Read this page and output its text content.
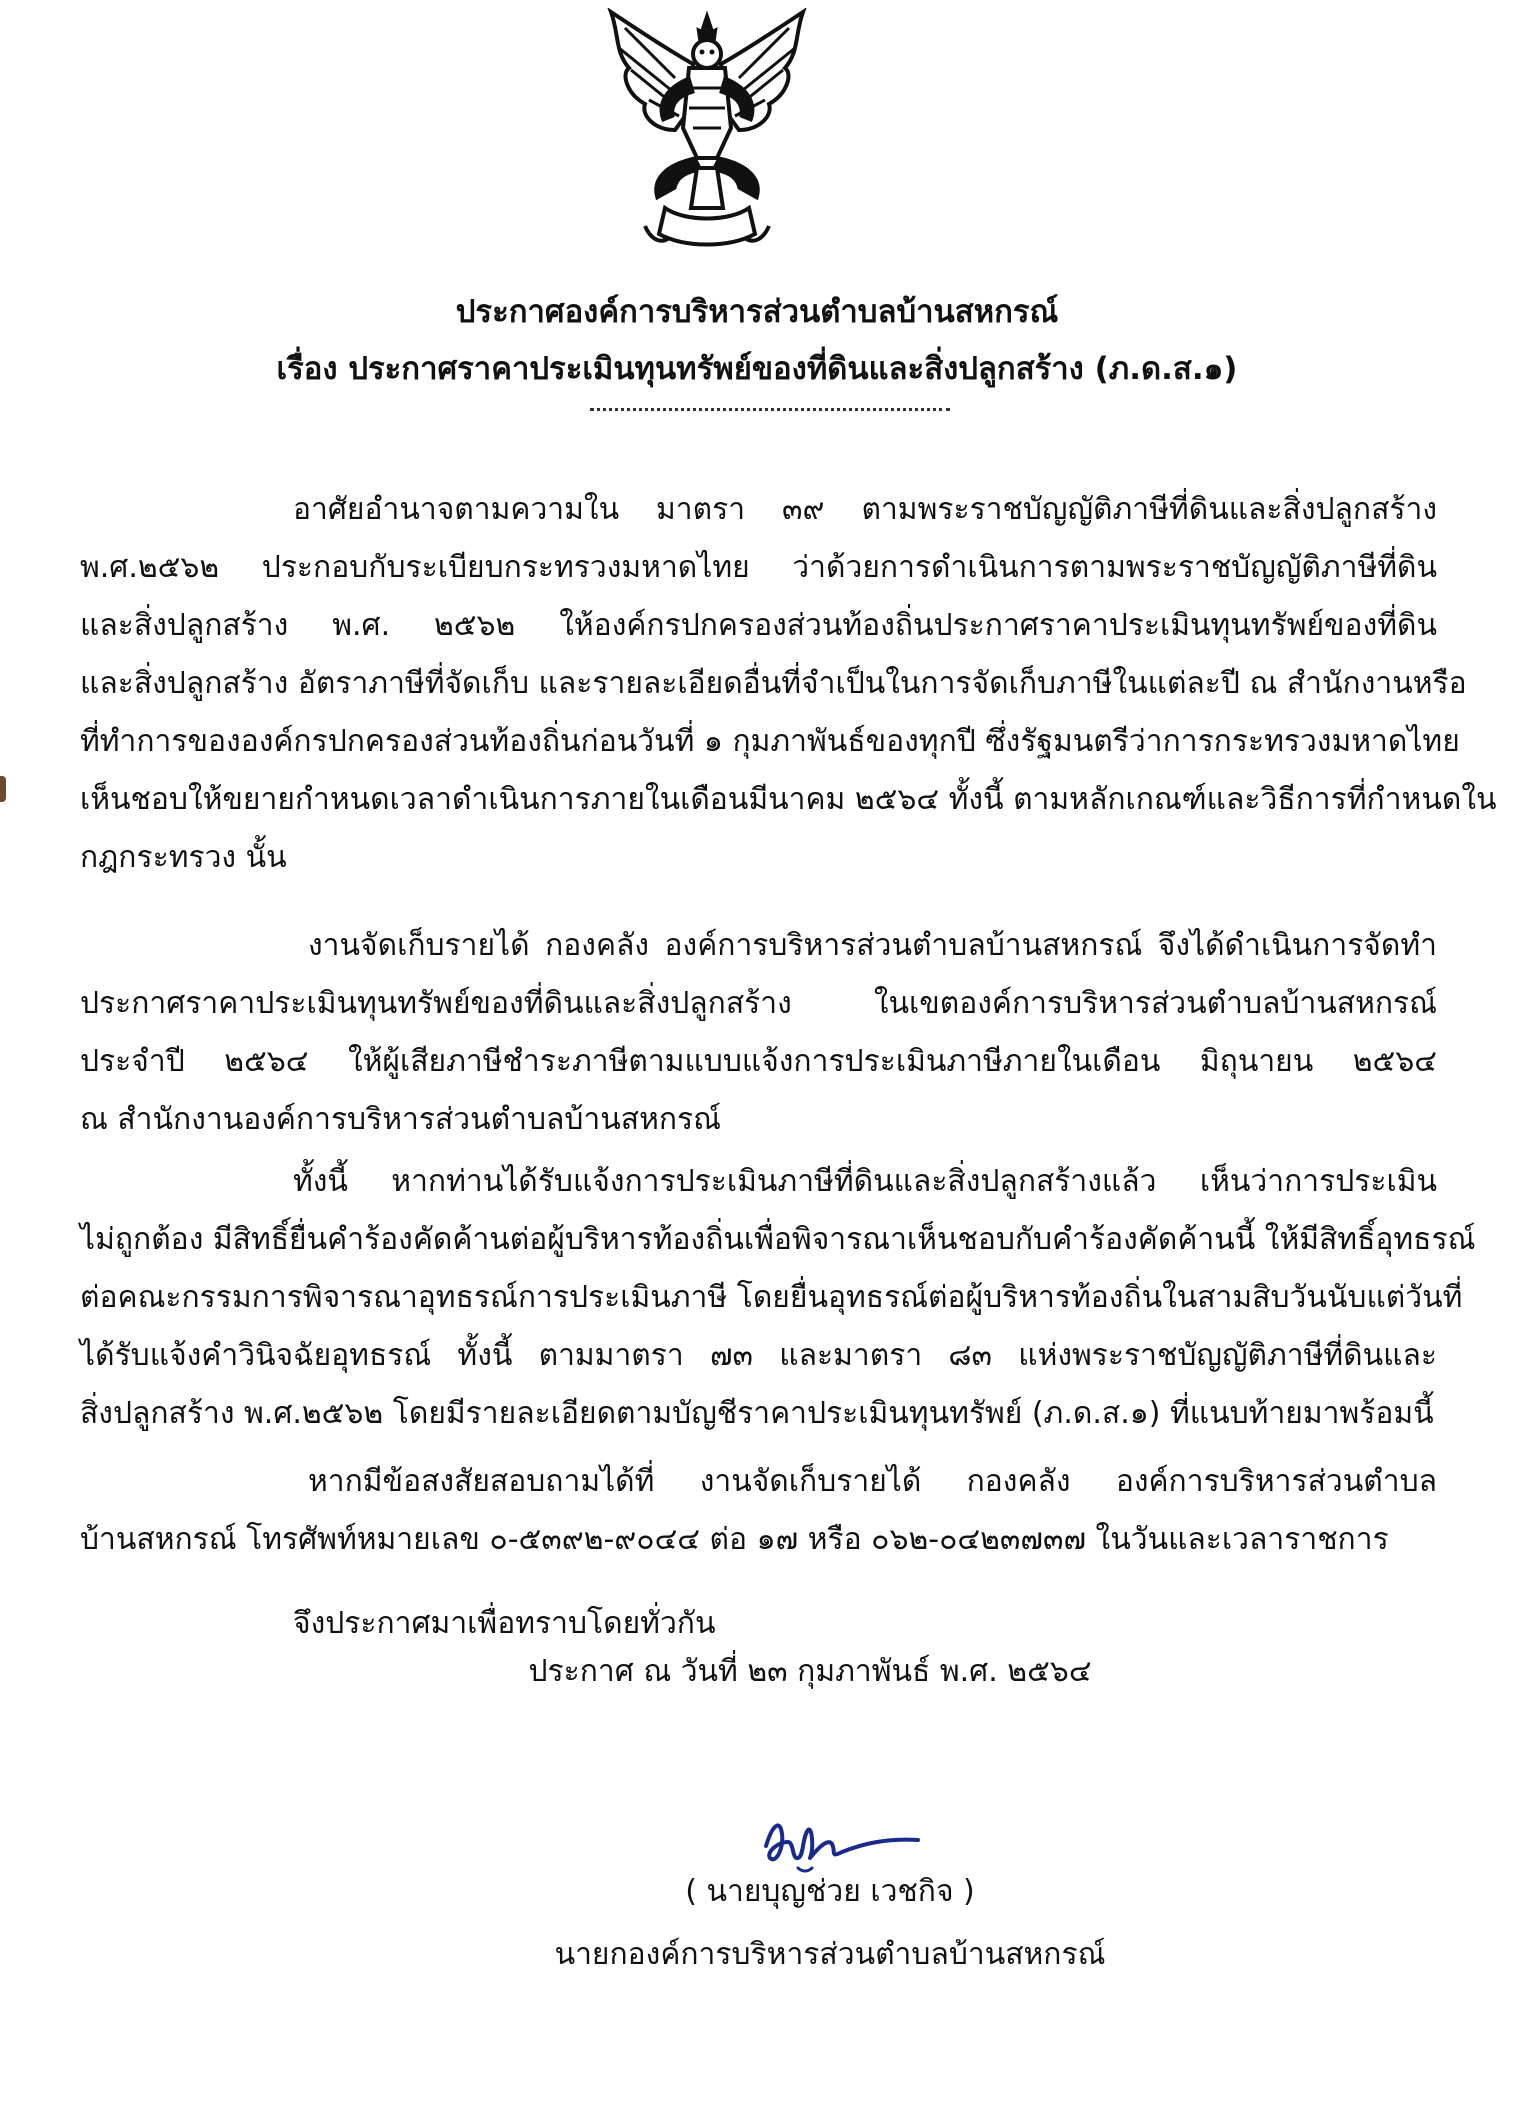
ประกาศองค์การบริหารส่วนตำบลบ้านสหกรณ์
เรื่อง ประกาศราคาประเมินทุนทรัพย์ของที่ดินและสิ่งปลูกสร้าง (ภ.ด.ส.๑)
อาศัยอำนาจตามความใน มาตรา ๓๙ ตามพระราชบัญญัติภาษีที่ดินและสิ่งปลูกสร้าง
พ.ศ.๒๕๖๒ ประกอบกับระเบียบกระทรวงมหาดไทย ว่าด้วยการดำเนินการตามพระราชบัญญัติภาษีที่ดิน
และสิ่งปลูกสร้าง พ.ศ. ๒๕๖๒ ให้องค์กรปกครองส่วนท้องถิ่นประกาศราคาประเมินทุนทรัพย์ของที่ดิน
และสิ่งปลูกสร้าง อัตราภาษีที่จัดเก็บ และรายละเอียดอื่นที่จำเป็นในการจัดเก็บภาษีในแต่ละปี ณ สำนักงานหรือ
ที่ทำการขององค์กรปกครองส่วนท้องถิ่นก่อนวันที่ ๑ กุมภาพันธ์ของทุกปี ซึ่งรัฐมนตรีว่าการกระทรวงมหาดไทย
เห็นชอบให้ขยายกำหนดเวลาดำเนินการภายในเดือนมีนาคม ๒๕๖๔ ทั้งนี้ ตามหลักเกณฑ์และวิธีการที่กำหนดใน
กฎกระทรวง นั้น
งานจัดเก็บรายได้ กองคลัง องค์การบริหารส่วนตำบลบ้านสหกรณ์ จึงได้ดำเนินการจัดทำ
ประกาศราคาประเมินทุนทรัพย์ของที่ดินและสิ่งปลูกสร้าง ในเขตองค์การบริหารส่วนตำบลบ้านสหกรณ์
ประจำปี ๒๕๖๔ ให้ผู้เสียภาษีชำระภาษีตามแบบแจ้งการประเมินภาษีภายในเดือน มิถุนายน ๒๕๖๔
ณ สำนักงานองค์การบริหารส่วนตำบลบ้านสหกรณ์
ทั้งนี้ หากท่านได้รับแจ้งการประเมินภาษีที่ดินและสิ่งปลูกสร้างแล้ว เห็นว่าการประเมิน
ไม่ถูกต้อง มีสิทธิ์ยื่นคำร้องคัดค้านต่อผู้บริหารท้องถิ่นเพื่อพิจารณาเห็นชอบกับคำร้องคัดค้านนี้ ให้มีสิทธิ์อุทธรณ์
ต่อคณะกรรมการพิจารณาอุทธรณ์การประเมินภาษี โดยยื่นอุทธรณ์ต่อผู้บริหารท้องถิ่นในสามสิบวันนับแต่วันที่
ได้รับแจ้งคำวินิจฉัยอุทธรณ์ ทั้งนี้ ตามมาตรา ๗๓ และมาตรา ๘๓ แห่งพระราชบัญญัติภาษีที่ดินและ
สิ่งปลูกสร้าง พ.ศ.๒๕๖๒ โดยมีรายละเอียดตามบัญชีราคาประเมินทุนทรัพย์ (ภ.ด.ส.๑) ที่แนบท้ายมาพร้อมนี้
หากมีข้อสงสัยสอบถามได้ที่ งานจัดเก็บรายได้ กองคลัง องค์การบริหารส่วนตำบล
บ้านสหกรณ์ โทรศัพท์หมายเลข ๐-๕๓๙๒-๙๐๔๔ ต่อ ๑๗ หรือ ๐๖๒-๐๔๒๓๗๓๗ ในวันและเวลาราชการ
จึงประกาศมาเพื่อทราบโดยทั่วกัน
ประกาศ ณ วันที่ ๒๓ กุมภาพันธ์ พ.ศ. ๒๕๖๔
( นายบุญช่วย เวชกิจ )
นายกองค์การบริหารส่วนตำบลบ้านสหกรณ์
